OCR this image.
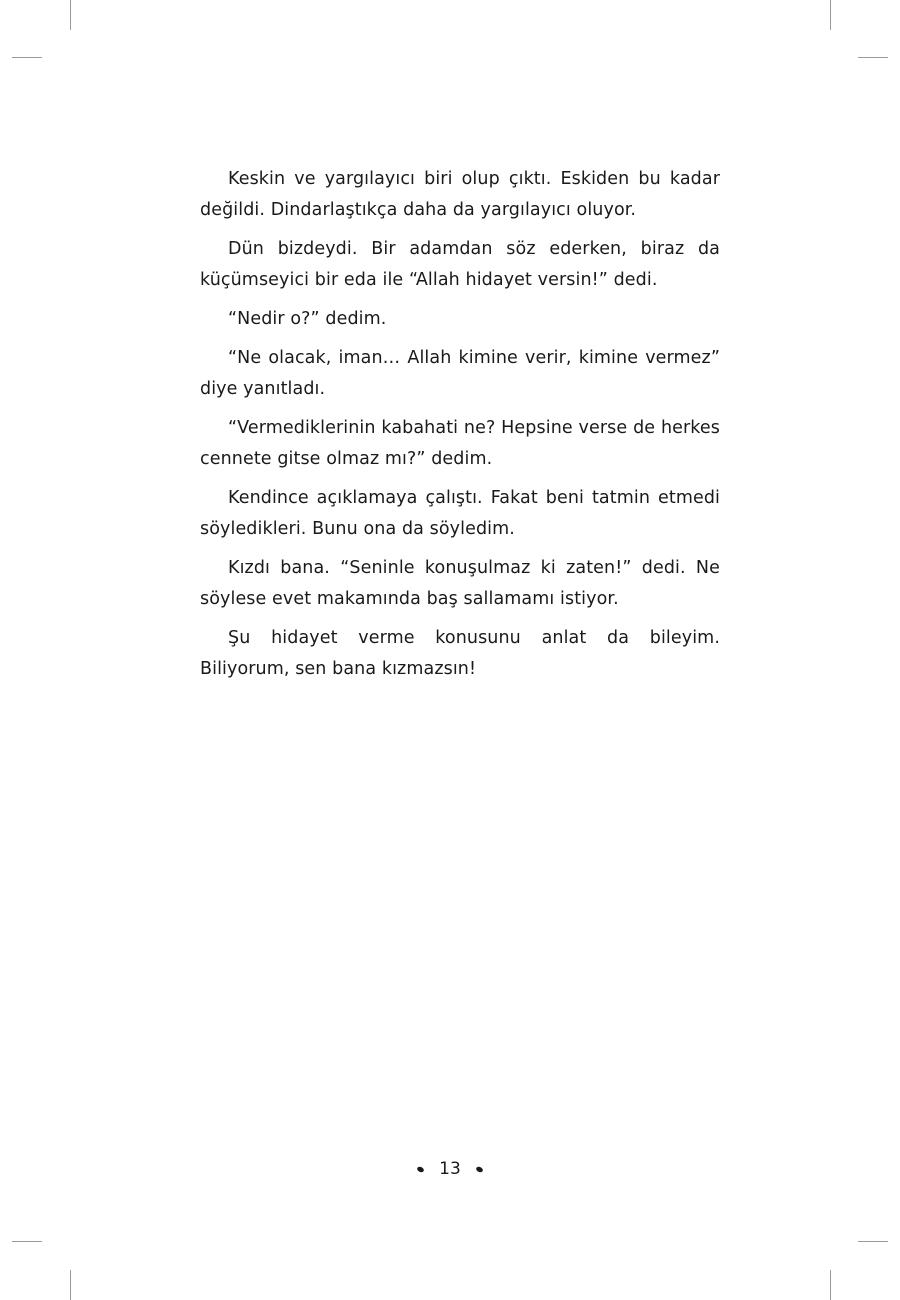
Keskin ve yargılayıcı biri olup çıktı. Eskiden bu kadar değildi. Dindarlaştıkça daha da yargılayıcı oluyor.

Dün bizdeydi. Bir adamdan söz ederken, biraz da küçümseyici bir eda ile “Allah hidayet versin!” dedi.

“Nedir o?” dedim.

“Ne olacak, iman… Allah kimine verir, kimine vermez” diye yanıtladı.

“Vermediklerinin kabahati ne? Hepsine verse de herkes cennete gitse olmaz mı?” dedim.

Kendince açıklamaya çalıştı. Fakat beni tatmin etmedi söyledikleri. Bunu ona da söyledim.

Kızdı bana. “Seninle konuşulmaz ki zaten!” dedi. Ne söylese evet makamında baş sallamamı istiyor.

Şu hidayet verme konusunu anlat da bileyim. Biliyorum, sen bana kızmazsın!

13
